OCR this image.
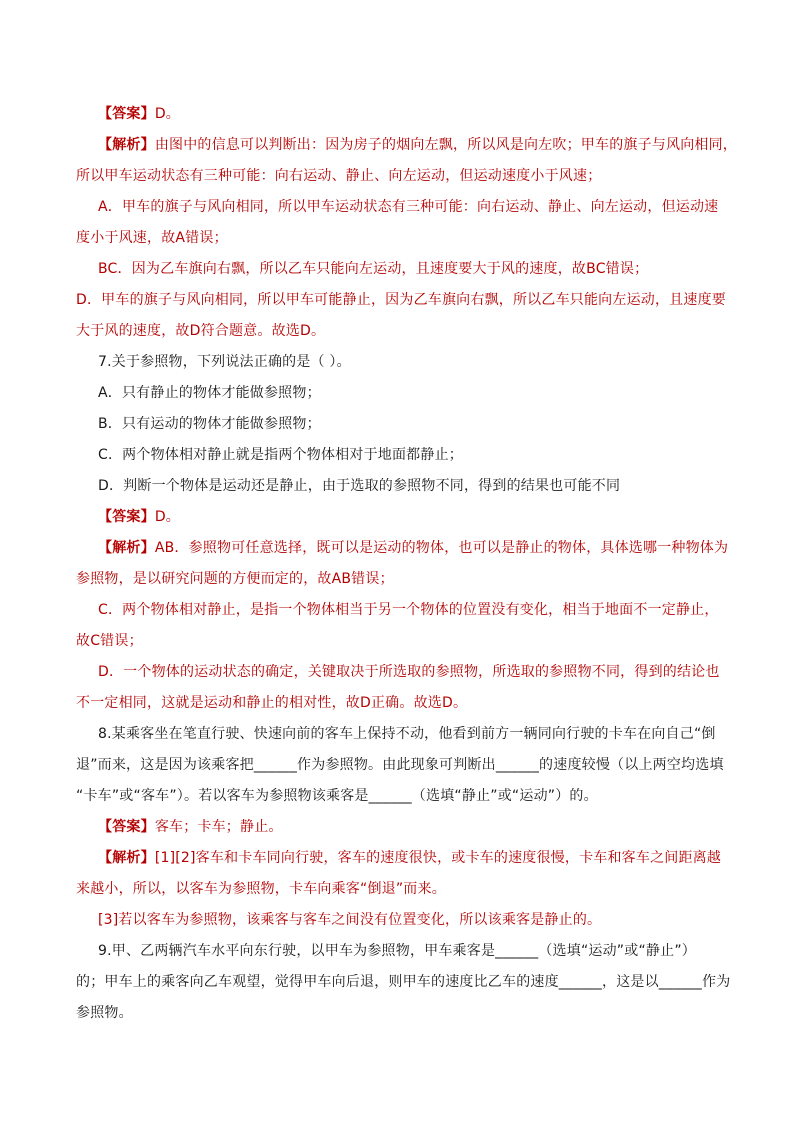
【答案】D。
【解析】由图中的信息可以判断出：因为房子的烟向左飘，所以风是向左吹；甲车的旗子与风向相同，
所以甲车运动状态有三种可能：向右运动、静止、向左运动，但运动速度小于风速；
A．甲车的旗子与风向相同，所以甲车运动状态有三种可能：向右运动、静止、向左运动，但运动速
度小于风速，故A错误；
BC．因为乙车旗向右飘，所以乙车只能向左运动，且速度要大于风的速度，故BC错误；
D．甲车的旗子与风向相同，所以甲车可能静止，因为乙车旗向右飘，所以乙车只能向左运动，且速度要
大于风的速度，故D符合题意。故选D。
7.关于参照物，下列说法正确的是（ ）。
A．只有静止的物体才能做参照物；
B．只有运动的物体才能做参照物；
C．两个物体相对静止就是指两个物体相对于地面都静止；
D．判断一个物体是运动还是静止，由于选取的参照物不同，得到的结果也可能不同
【答案】D。
【解析】AB．参照物可任意选择，既可以是运动的物体，也可以是静止的物体，具体选哪一种物体为
参照物，是以研究问题的方便而定的，故AB错误；
C．两个物体相对静止，是指一个物体相当于另一个物体的位置没有变化，相当于地面不一定静止，
故C错误；
D．一个物体的运动状态的确定，关键取决于所选取的参照物，所选取的参照物不同，得到的结论也
不一定相同，这就是运动和静止的相对性，故D正确。故选D。
8.某乘客坐在笔直行驶、快速向前的客车上保持不动，他看到前方一辆同向行驶的卡车在向自己“倒
退”而来，这是因为该乘客把______作为参照物。由此现象可判断出______的速度较慢（以上两空均选填
“卡车”或“客车”）。若以客车为参照物该乘客是______（选填“静止”或“运动”）的。
【答案】客车；卡车；静止。
【解析】[1][2]客车和卡车同向行驶，客车的速度很快，或卡车的速度很慢，卡车和客车之间距离越
来越小，所以，以客车为参照物，卡车向乘客“倒退”而来。
[3]若以客车为参照物，该乘客与客车之间没有位置变化，所以该乘客是静止的。
9.甲、乙两辆汽车水平向东行驶，以甲车为参照物，甲车乘客是______（选填“运动”或“静止”）
的；甲车上的乘客向乙车观望，觉得甲车向后退，则甲车的速度比乙车的速度______，这是以______作为
参照物。
